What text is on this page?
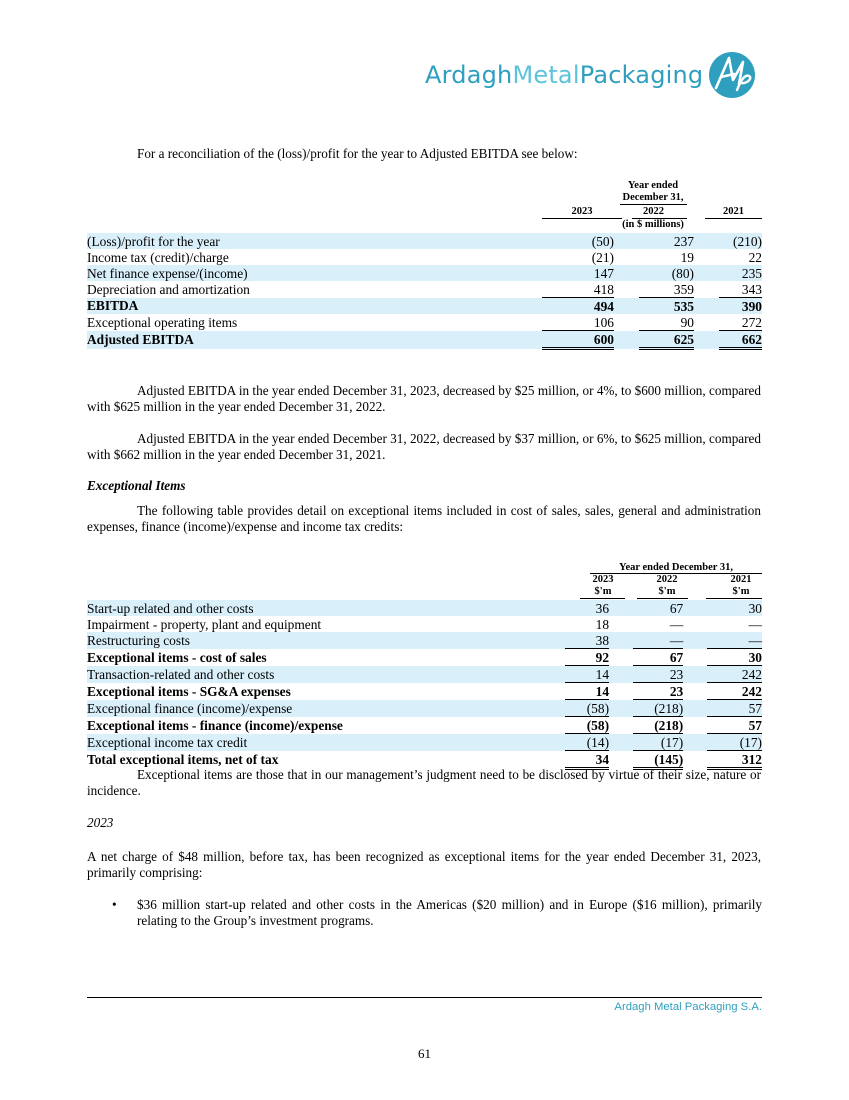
ArdaghMetalPackaging
For a reconciliation of the (loss)/profit for the year to Adjusted EBITDA see below:
Year ended
December 31,
2023	2022	2021
(in $ millions)
(Loss)/profit for the year	(50)		237		(210)
Income tax (credit)/charge	(21)		19		22
Net finance expense/(income)	147		(80)		235
Depreciation and amortization	418		359		343
EBITDA	494		535		390
Exceptional operating items	106		90		272
Adjusted EBITDA	600		625		662
Adjusted EBITDA in the year ended December 31, 2023, decreased by $25 million, or 4%, to $600 million, compared with $625 million in the year ended December 31, 2022.
Adjusted EBITDA in the year ended December 31, 2022, decreased by $37 million, or 6%, to $625 million, compared with $662 million in the year ended December 31, 2021.
Exceptional Items
The following table provides detail on exceptional items included in cost of sales, sales, general and administration expenses, finance (income)/expense and income tax credits:
Year ended December 31,
2023	2022	2021
$'m	$'m	$'m
Start-up related and other costs	36		67		30
Impairment - property, plant and equipment	18		—		—
Restructuring costs	38		—		—
Exceptional items - cost of sales	92		67		30
Transaction-related and other costs	14		23		242
Exceptional items - SG&A expenses	14		23		242
Exceptional finance (income)/expense	(58)		(218)		57
Exceptional items - finance (income)/expense	(58)		(218)		57
Exceptional income tax credit	(14)		(17)		(17)
Total exceptional items, net of tax	34		(145)		312
Exceptional items are those that in our management’s judgment need to be disclosed by virtue of their size, nature or incidence.
2023
A net charge of $48 million, before tax, has been recognized as exceptional items for the year ended December 31, 2023, primarily comprising:
•	$36 million start-up related and other costs in the Americas ($20 million) and in Europe ($16 million), primarily relating to the Group’s investment programs.
Ardagh Metal Packaging S.A.
61
